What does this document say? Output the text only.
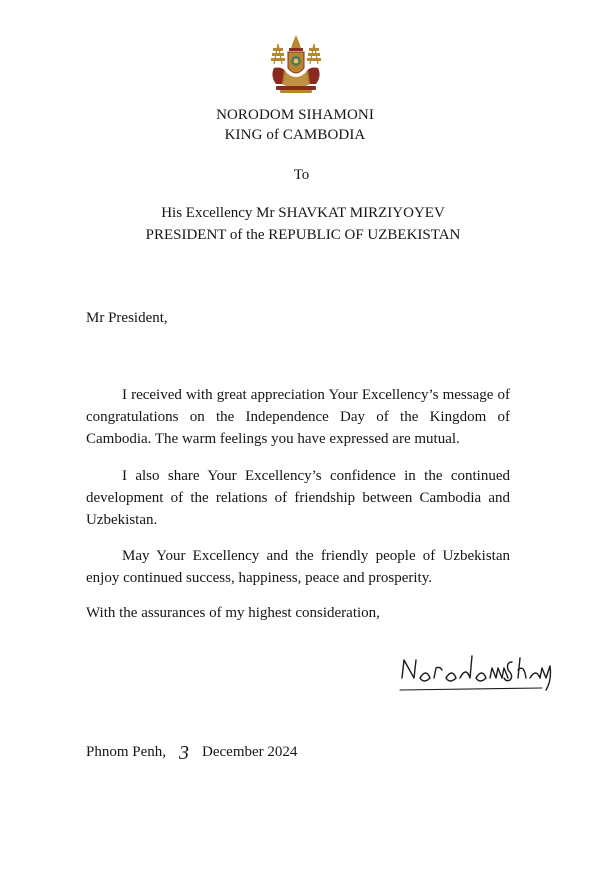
NORODOM SIHAMONI
KING of CAMBODIA
To
His Excellency Mr SHAVKAT MIRZIYOYEV
PRESIDENT of the REPUBLIC OF UZBEKISTAN
Mr President,

I received with great appreciation Your Excellency’s message of congratulations on the Independence Day of the Kingdom of Cambodia. The warm feelings you have expressed are mutual.

I also share Your Excellency’s confidence in the continued development of the relations of friendship between Cambodia and Uzbekistan.

May Your Excellency and the friendly people of Uzbekistan enjoy continued success, happiness, peace and prosperity.

With the assurances of my highest consideration,
Phnom Penh, 3 December 2024
